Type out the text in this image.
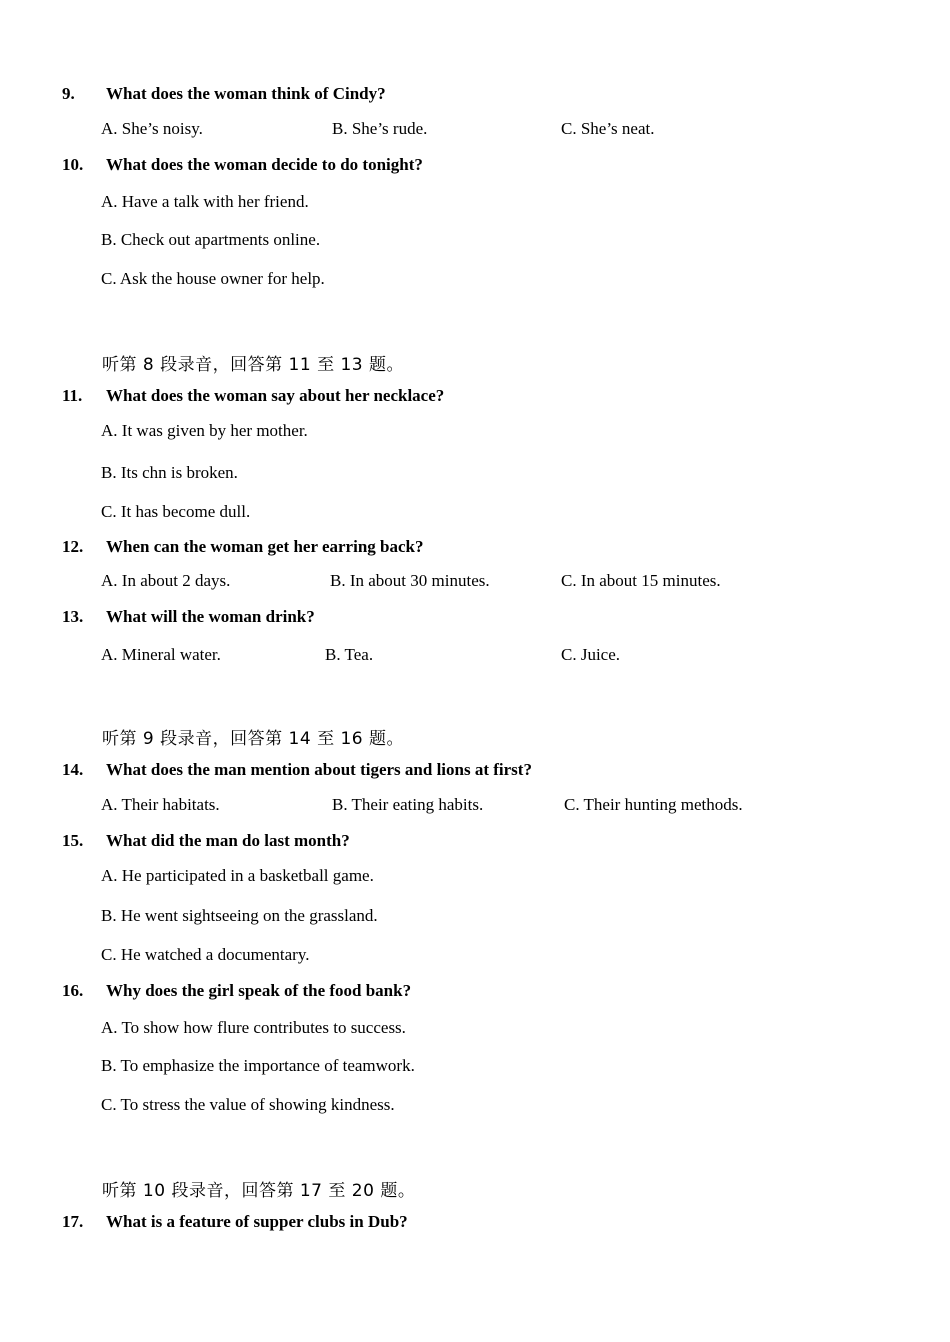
9. What does the woman think of Cindy?
A. She’s noisy.	B. She’s rude.	C. She’s neat.
10. What does the woman decide to do tonight?
A. Have a talk with her friend.
B. Check out apartments online.
C. Ask the house owner for help.
听第 8 段录音，回答第 11 至 13 题。
11. What does the woman say about her necklace?
A. It was given by her mother.
B. Its chn is broken.
C. It has become dull.
12. When can the woman get her earring back?
A. In about 2 days.	B. In about 30 minutes.	C. In about 15 minutes.
13. What will the woman drink?
A. Mineral water.	B. Tea.	C. Juice.
听第 9 段录音，回答第 14 至 16 题。
14. What does the man mention about tigers and lions at first?
A. Their habitats.	B. Their eating habits.	C. Their hunting methods.
15. What did the man do last month?
A. He participated in a basketball game.
B. He went sightseeing on the grassland.
C. He watched a documentary.
16. Why does the girl speak of the food bank?
A. To show how flure contributes to success.
B. To emphasize the importance of teamwork.
C. To stress the value of showing kindness.
听第 10 段录音，回答第 17 至 20 题。
17. What is a feature of supper clubs in Dub?
